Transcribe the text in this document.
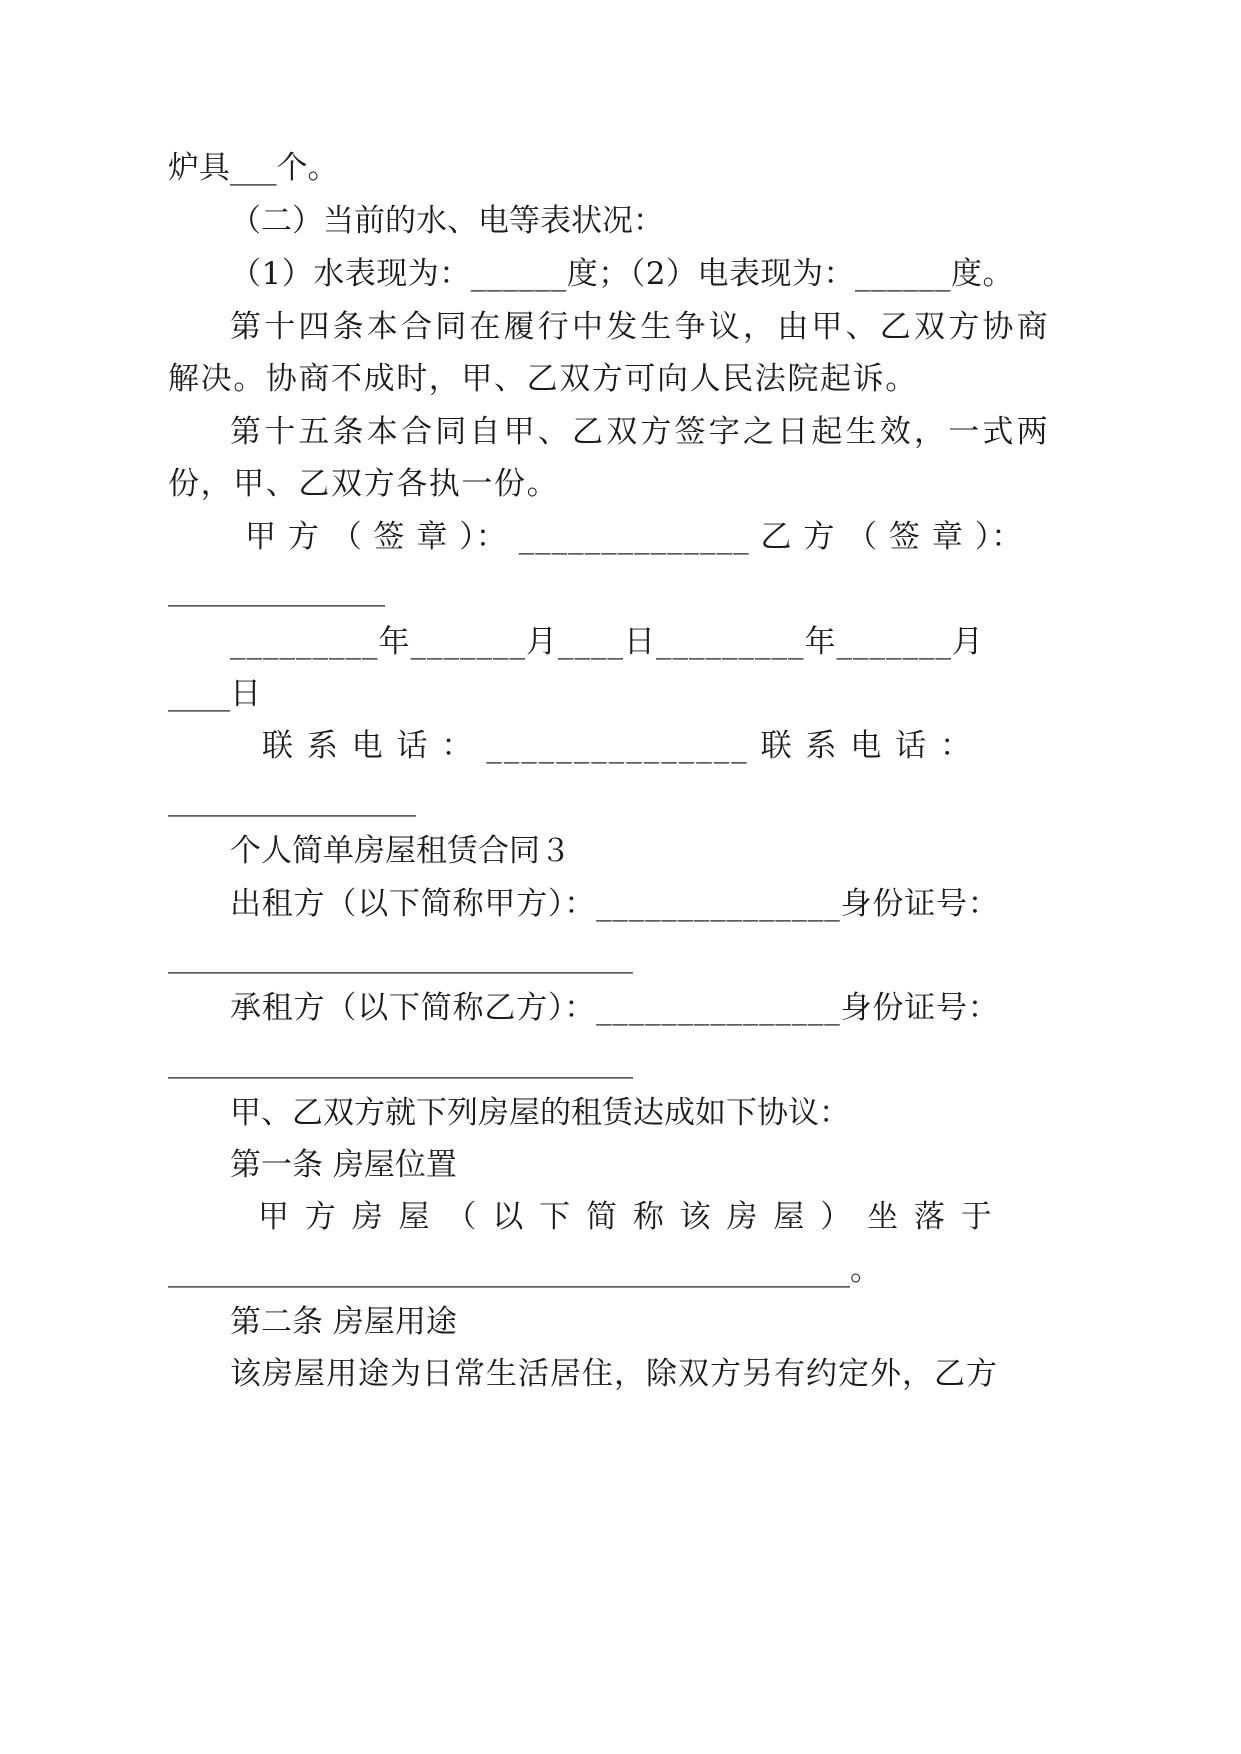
炉具___个。
（二）当前的水、电等表状况：
（1）水表现为：______度；（2）电表现为：______度。
第十四条本合同在履行中发生争议，由甲、乙双方协商
解决。协商不成时，甲、乙双方可向人民法院起诉。
第十五条本合同自甲、乙双方签字之日起生效，一式两
份，甲、乙双方各执一份。
甲 方 （ 签 章 ）： ______________ 乙 方 （ 签 章 ）：
______________
_________年_______月____日_________年_______月
____日
联 系 电 话 ： _______________ 联 系 电 话 ：
________________
个人简单房屋租赁合同３
出租方（以下简称甲方）：_______________身份证号：
______________________________
承租方（以下简称乙方）：_______________身份证号：
______________________________
甲、乙双方就下列房屋的租赁达成如下协议：
第一条 房屋位置
甲 方 房 屋 （ 以 下 简 称 该 房 屋 ） 坐 落 于
____________________________________________。
第二条 房屋用途
该房屋用途为日常生活居住，除双方另有约定外，乙方
